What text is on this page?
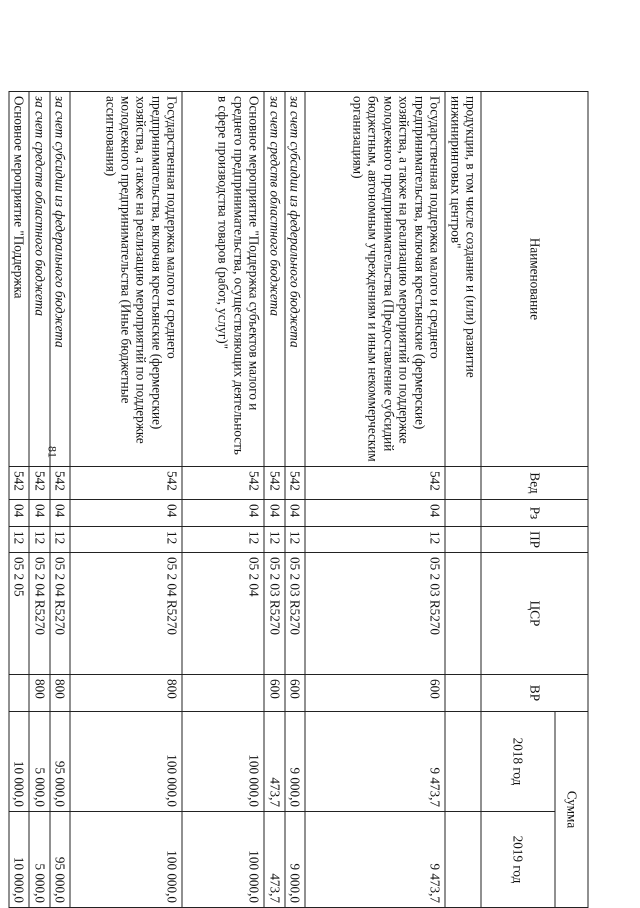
81
Наименование	Вед	Рз	ПР	ЦСР	ВР	Сумма	
						2018 год	2019 год
продукции, в том числе создание и (или) развитие инжиниринговых центров"							
Государственная поддержка малого и среднего предпринимательства, включая крестьянские (фермерские) хозяйства, а также на реализацию мероприятий по поддержке молодежного предпринимательства (Предоставление субсидий бюджетным, автономным учреждениям и иным некоммерческим организациям)	542	04	12	05 2 03 R5270	600	9 473,7	9 473,7
за счет субсидии из федерального бюджета	542	04	12	05 2 03 R5270	600	9 000,0	9 000,0
за счет средств областного бюджета	542	04	12	05 2 03 R5270	600	473,7	473,7
Основное мероприятие "Поддержка субъектов малого и среднего предпринимательства, осуществляющих деятельность в сфере производства товаров (работ, услуг)"	542	04	12	05 2 04		100 000,0	100 000,0
Государственная поддержка малого и среднего предпринимательства, включая крестьянские (фермерские) хозяйства, а также на реализацию мероприятий по поддержке молодежного предпринимательства (Иные бюджетные ассигнования)	542	04	12	05 2 04 R5270	800	100 000,0	100 000,0
за счет субсидии из федерального бюджета	542	04	12	05 2 04 R5270	800	95 000,0	95 000,0
за счет средств областного бюджета	542	04	12	05 2 04 R5270	800	5 000,0	5 000,0
Основное мероприятие "Поддержка	542	04	12	05 2 05		10 000,0	10 000,0
